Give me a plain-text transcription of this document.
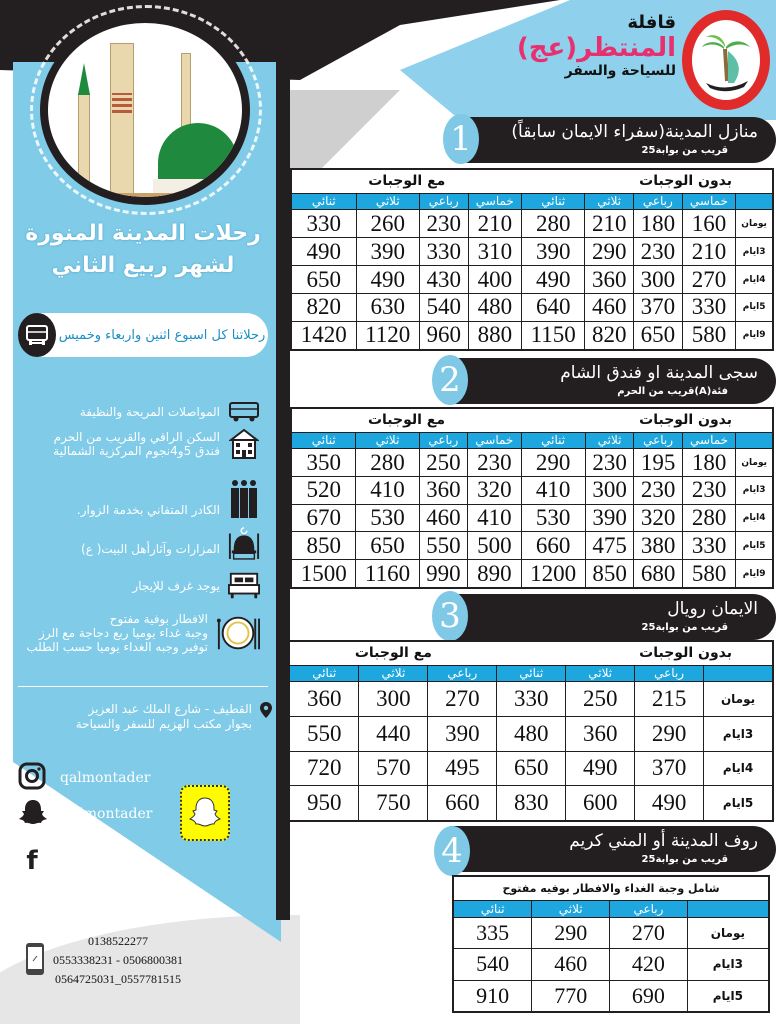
رحلات المدينة المنورة
لشهر ربيع الثاني
رحلاتنا كل اسبوع اثنين واربعاء وخميس
المواصلات المريحة والنظيفة
السكن الراقي والقريب من الحرم
فندق 5و4نجوم المركزية الشمالية
الكادر المتفاني بخدمة الزوار.
المزارات وآثارأهل البيت( ع)
يوجد غرف للإيجار
الافطار بوفية مفتوح
وجبة غداء يوميا ربع دجاجة مع الرز
توفير وجبه الغداء يوميا حسب الطلب
القطيف - شارع الملك عبد العزيز
بجوار مكتب الهزيم للسفر والسياحة
qalmontader
qalmontader
f	قافلة المنتظر
0138522277
0553338231 - 0506800381
0564725031_0557781515
قافلة
المنتظر(عج)
للسياحة والسفر
منازل المدينة(سفراء الايمان سابقاً)
قريب من بوابة25
1
مع الوجبات				بدون الوجبات				
ثنائي	ثلاثي	رباعي	خماسي	ثنائي	ثلاثي	رباعي	خماسي	
330	260	230	210	280	210	180	160	يومان
490	390	330	310	390	290	230	210	3ايام
650	490	430	400	490	360	300	270	4ايام
820	630	540	480	640	460	370	330	5ايام
1420	1120	960	880	1150	820	650	580	9ايام
سجى المدينة او فندق الشام
فئة(A)قريب من الحرم
2
مع الوجبات				بدون الوجبات				
ثنائي	ثلاثي	رباعي	خماسي	ثنائي	ثلاثي	رباعي	خماسي	
350	280	250	230	290	230	195	180	يومان
520	410	360	320	410	300	230	230	3ايام
670	530	460	410	530	390	320	280	4ايام
850	650	550	500	660	475	380	330	5ايام
1500	1160	990	890	1200	850	680	580	9ايام
الايمان رويال
قريب من بوابة25
3
مع الوجبات			بدون الوجبات			
ثنائي	ثلاثي	رباعي	ثنائي	ثلاثي	رباعي	
360	300	270	330	250	215	يومان
550	440	390	480	360	290	3ايام
720	570	495	650	490	370	4ايام
950	750	660	830	600	490	5ايام
روف المدينة أو المني كريم
قريب من بوابة25
4
شامل وجبة الغداء والافطار بوفيه مفتوح			
ثنائي	ثلاثي	رباعي	
335	290	270	يومان
540	460	420	3ايام
910	770	690	5ايام
